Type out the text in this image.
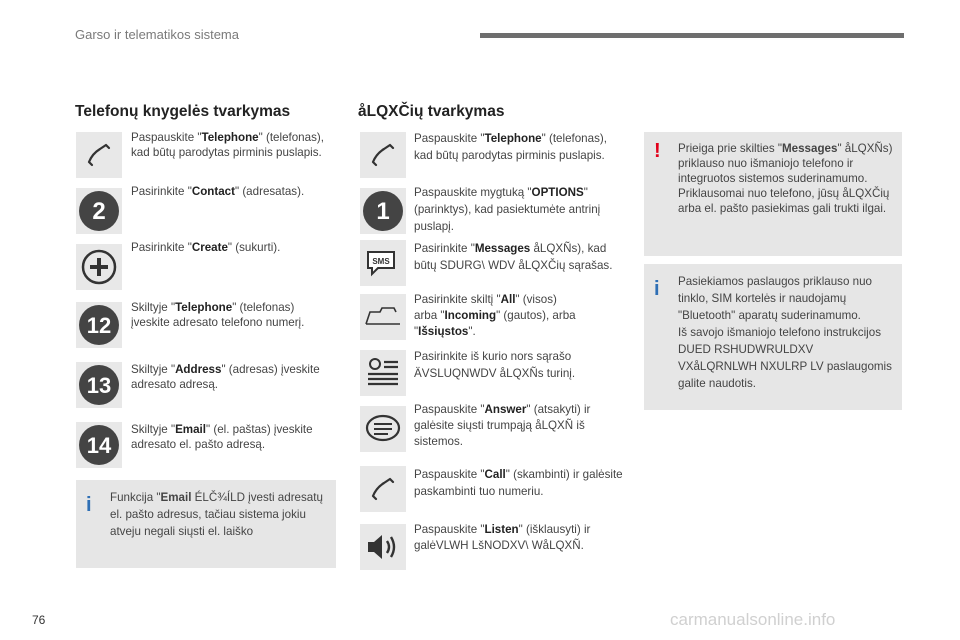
Garso ir telematikos sistema
Telefonų knygelės tvarkymas
2
12
13
14
Paspauskite "Telephone" (telefonas), kad būtų parodytas pirminis puslapis.
Pasirinkite "Contact" (adresatas).
Pasirinkite "Create" (sukurti).
Skiltyje "Telephone" (telefonas) įveskite adresato telefono numerį.
Skiltyje "Address" (adresas) įveskite adresato adresą.
Skiltyje "Email" (el. paštas) įveskite adresato el. pašto adresą.
i Funkcija "Email ÉLČ¾ÍLD įvesti adresatų el. pašto adresus, tačiau sistema jokiu atveju negali siųsti el. laiško
åLQXČių tvarkymas
1
SMS
Paspauskite "Telephone" (telefonas), kad būtų parodytas pirminis puslapis.
Paspauskite mygtuką "OPTIONS" (parinktys), kad pasiektumėte antrinį puslapį.
Pasirinkite "Messages åLQXÑs), kad būtų SDURG\ WDV åLQXČių sąrašas.
Pasirinkite skiltį "All" (visos)
arba "Incoming" (gautos), arba "Išsiųstos".
Pasirinkite iš kurio nors sąrašo ÄVSLUQNWDV åLQXÑs turinį.
Paspauskite "Answer" (atsakyti) ir galėsite siųsti trumpąją åLQXÑ iš sistemos.
Paspauskite "Call" (skambinti) ir galėsite paskambinti tuo numeriu.
Paspauskite "Listen" (išklausyti) ir galėVLWH LšNODXV\ WåLQXÑ.
! Prieiga prie skilties "Messages" åLQXÑs) priklauso nuo išmaniojo telefono ir integruotos sistemos suderinamumo.
Priklausomai nuo telefono, jūsų åLQXČių arba el. pašto pasiekimas gali trukti ilgai.
i Pasiekiamos paslaugos priklauso nuo tinklo, SIM kortelės ir naudojamų "Bluetooth" aparatų suderinamumo.
Iš savojo išmaniojo telefono instrukcijos DUED RSHUDWRULDXV VXåLQRNLWH NXULRP LV paslaugomis galite naudotis.
76	carmanualsonline.info
